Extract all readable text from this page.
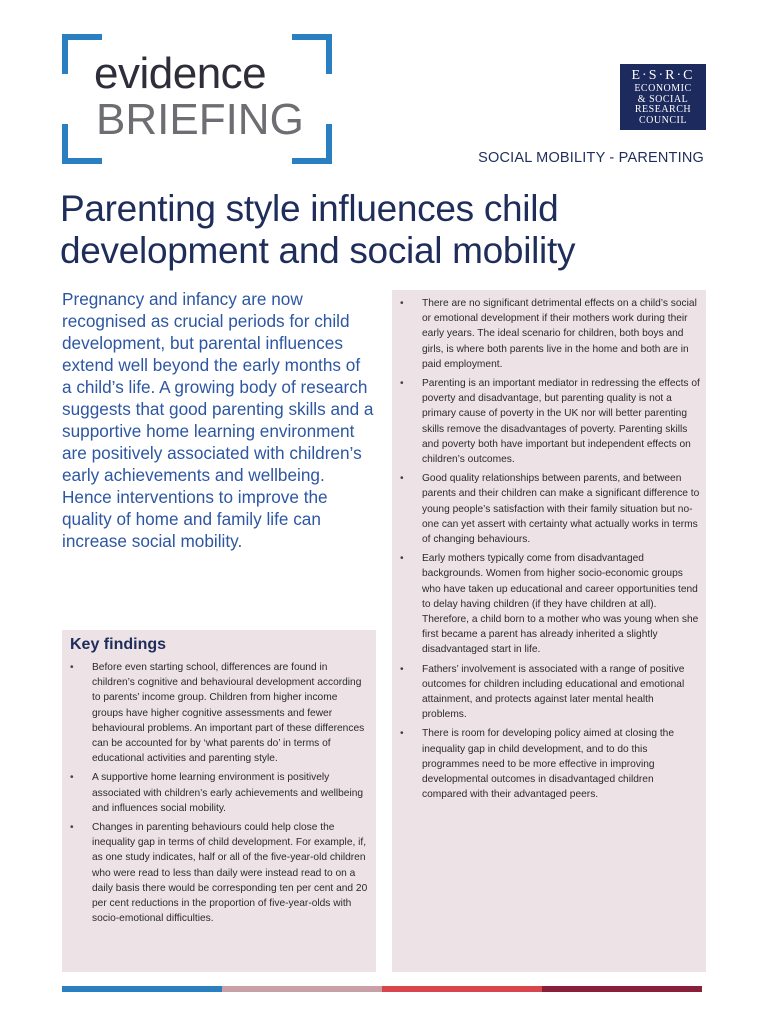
evidence
BRIEFING
E·S·R·C
ECONOMIC
& SOCIAL
RESEARCH
COUNCIL
SOCIAL MOBILITY - PARENTING
Parenting style influences child development and social mobility

Pregnancy and infancy are now recognised as crucial periods for child development, but parental influences extend well beyond the early months of a child’s life. A growing body of research suggests that good parenting skills and a supportive home learning environment are positively associated with children’s early achievements and wellbeing. Hence interventions to improve the quality of home and family life can increase social mobility.

Key findings
• Before even starting school, differences are found in children’s cognitive and behavioural development according to parents’ income group. Children from higher income groups have higher cognitive assessments and fewer behavioural problems. An important part of these differences can be accounted for by ‘what parents do’ in terms of educational activities and parenting style.
• A supportive home learning environment is positively associated with children’s early achievements and wellbeing and influences social mobility.
• Changes in parenting behaviours could help close the inequality gap in terms of child development. For example, if, as one study indicates, half or all of the five-year-old children who were read to less than daily were instead read to on a daily basis there would be corresponding ten per cent and 20 per cent reductions in the proportion of five-year-olds with socio-emotional difficulties.
• There are no significant detrimental effects on a child’s social or emotional development if their mothers work during their early years. The ideal scenario for children, both boys and girls, is where both parents live in the home and both are in paid employment.
• Parenting is an important mediator in redressing the effects of poverty and disadvantage, but parenting quality is not a primary cause of poverty in the UK nor will better parenting skills remove the disadvantages of poverty. Parenting skills and poverty both have important but independent effects on children’s outcomes.
• Good quality relationships between parents, and between parents and their children can make a significant difference to young people’s satisfaction with their family situation but no-one can yet assert with certainty what actually works in terms of changing behaviours.
• Early mothers typically come from disadvantaged backgrounds. Women from higher socio-economic groups who have taken up educational and career opportunities tend to delay having children (if they have children at all). Therefore, a child born to a mother who was young when she first became a parent has already inherited a slightly disadvantaged start in life.
• Fathers’ involvement is associated with a range of positive outcomes for children including educational and emotional attainment, and protects against later mental health problems.
• There is room for developing policy aimed at closing the inequality gap in child development, and to do this programmes need to be more effective in improving developmental outcomes in disadvantaged children compared with their advantaged peers.
